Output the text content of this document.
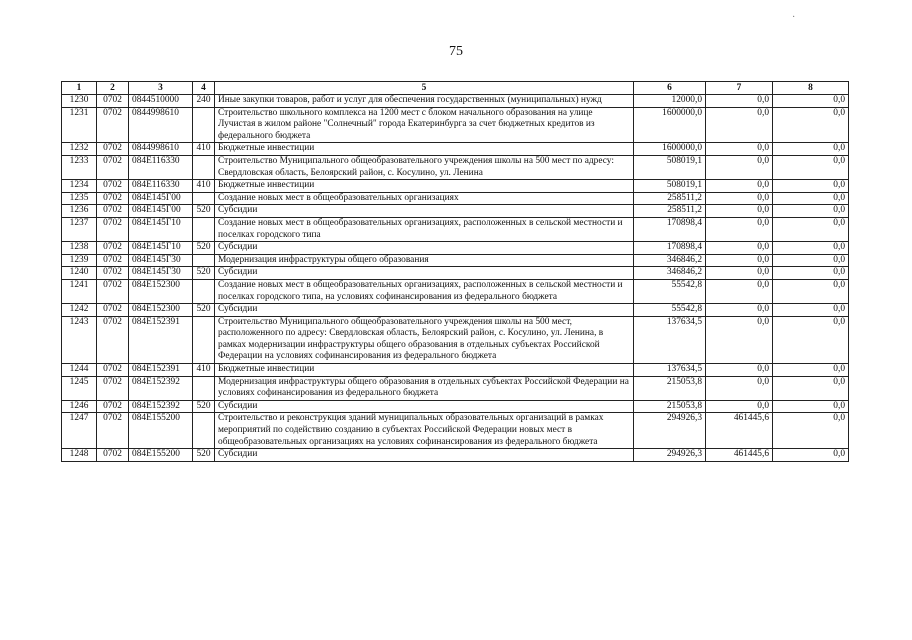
75
·
1	2	3	4	5	6	7	8
1230	0702	0844510000	240	Иные закупки товаров, работ и услуг для обеспечения государственных (муниципальных) нужд	12000,0	0,0	0,0
1231	0702	0844998610		Строительство школьного комплекса на 1200 мест с блоком начального образования на улице Лучистая в жилом районе "Солнечный" города Екатеринбурга за счет бюджетных кредитов из федерального бюджета	1600000,0	0,0	0,0
1232	0702	0844998610	410	Бюджетные инвестиции	1600000,0	0,0	0,0
1233	0702	084Е116330		Строительство Муниципального общеобразовательного учреждения школы на 500 мест по адресу: Свердловская область, Белоярский район, с. Косулино, ул. Ленина	508019,1	0,0	0,0
1234	0702	084Е116330	410	Бюджетные инвестиции	508019,1	0,0	0,0
1235	0702	084Е145Г00		Создание новых мест в общеобразовательных организациях	258511,2	0,0	0,0
1236	0702	084Е145Г00	520	Субсидии	258511,2	0,0	0,0
1237	0702	084Е145Г10		Создание новых мест в общеобразовательных организациях, расположенных в сельской местности и поселках городского типа	170898,4	0,0	0,0
1238	0702	084Е145Г10	520	Субсидии	170898,4	0,0	0,0
1239	0702	084Е145Г30		Модернизация инфраструктуры общего образования	346846,2	0,0	0,0
1240	0702	084Е145Г30	520	Субсидии	346846,2	0,0	0,0
1241	0702	084Е152300		Создание новых мест в общеобразовательных организациях, расположенных в сельской местности и поселках городского типа, на условиях софинансирования из федерального бюджета	55542,8	0,0	0,0
1242	0702	084Е152300	520	Субсидии	55542,8	0,0	0,0
1243	0702	084Е152391		Строительство Муниципального общеобразовательного учреждения школы на 500 мест, расположенного по адресу: Свердловская область, Белоярский район, с. Косулино, ул. Ленина, в рамках модернизации инфраструктуры общего образования в отдельных субъектах Российской Федерации на условиях софинансирования из федерального бюджета	137634,5	0,0	0,0
1244	0702	084Е152391	410	Бюджетные инвестиции	137634,5	0,0	0,0
1245	0702	084Е152392		Модернизация инфраструктуры общего образования в отдельных субъектах Российской Федерации на условиях софинансирования из федерального бюджета	215053,8	0,0	0,0
1246	0702	084Е152392	520	Субсидии	215053,8	0,0	0,0
1247	0702	084Е155200		Строительство и реконструкция зданий муниципальных образовательных организаций в рамках мероприятий по содействию созданию в субъектах Российской Федерации новых мест в общеобразовательных организациях на условиях софинансирования из федерального бюджета	294926,3	461445,6	0,0
1248	0702	084Е155200	520	Субсидии	294926,3	461445,6	0,0
